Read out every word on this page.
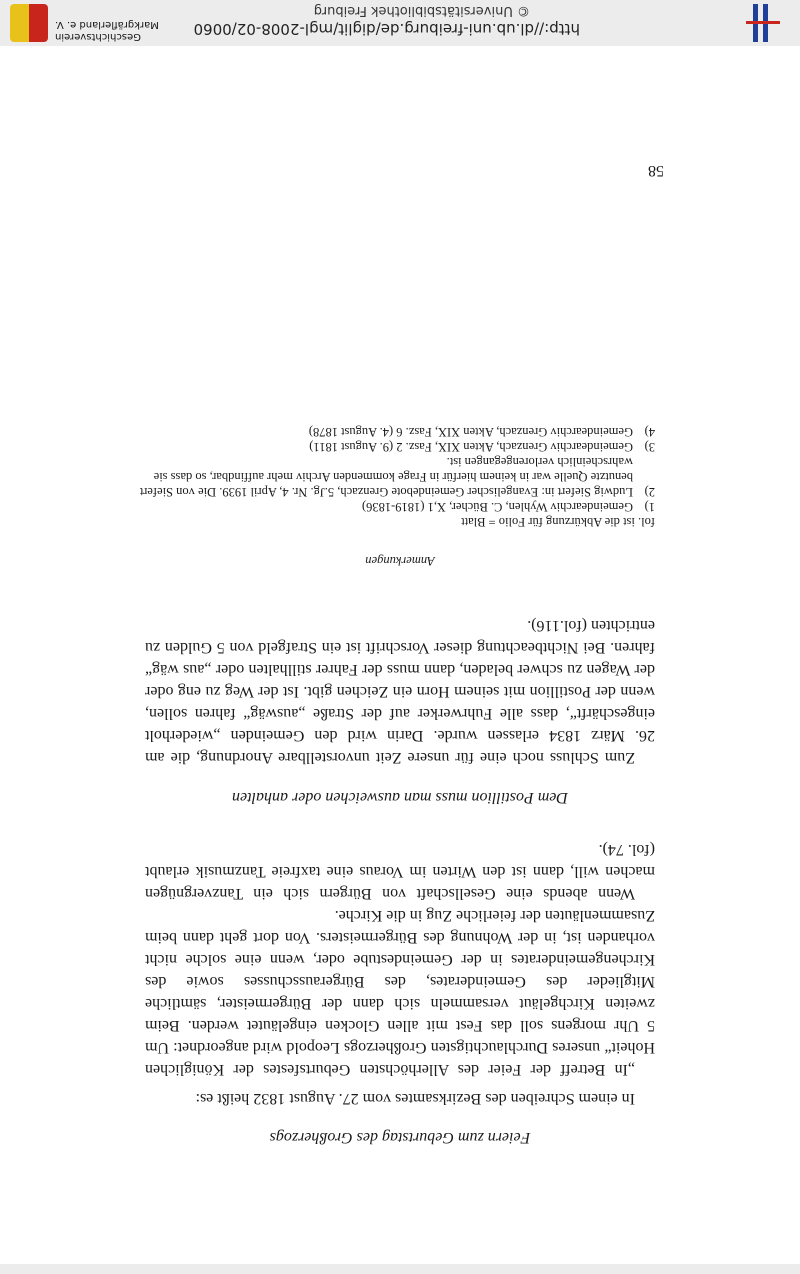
Feiern zum Geburtstag des Großherzogs

In einem Schreiben des Bezirksamtes vom 27. August 1832 heißt es:

„In Betreff der Feier des Allerhöchsten Geburtsfestes der Königlichen Hoheit“ unseres Durchlauchtigsten Großherzogs Leopold wird angeordnet: Um 5 Uhr morgens soll das Fest mit allen Glocken eingeläutet werden. Beim zweiten Kirchgeläut versammeln sich dann der Bürgermeister, sämtliche Mitglieder des Gemeinderates, des Bürgerausschusses sowie des Kirchengemeinderates in der Gemeindestube oder, wenn eine solche nicht vorhanden ist, in der Wohnung des Bürgermeisters. Von dort geht dann beim Zusammenläuten der feierliche Zug in die Kirche.

Wenn abends eine Gesellschaft von Bürgern sich ein Tanzvergnügen machen will, dann ist den Wirten im Voraus eine taxfreie Tanzmusik erlaubt (fol. 74).

Dem Postillion muss man ausweichen oder anhalten

Zum Schluss noch eine für unsere Zeit unvorstellbare Anordnung, die am 26. März 1834 erlassen wurde. Darin wird den Gemeinden „wiederholt eingeschärft“, dass alle Fuhrwerker auf der Straße „auswäg“ fahren sollen, wenn der Postillion mit seinem Horn ein Zeichen gibt. Ist der Weg zu eng oder der Wagen zu schwer beladen, dann muss der Fahrer stillhalten oder „aus wäg“ fahren. Bei Nichtbeachtung dieser Vorschrift ist ein Strafgeld von 5 Gulden zu entrichten (fol.116).

Anmerkungen

fol. ist die Abkürzung für Folio = Blatt

1)
Gemeindearchiv Wyhlen, C. Bücher, X,1 (1819-1836)

2)
Ludwig Siefert in: Evangelischer Gemeindebote Grenzach, 5.Jg. Nr. 4, April 1939. Die von Siefert benutzte Quelle war in keinem hierfür in Frage kommenden Archiv mehr auffindbar, so dass sie wahrscheinlich verlorengegangen ist.

3)
Gemeindearchiv Grenzach, Akten XIX, Fasz. 2 (9. August 1811)

4)
Gemeindearchiv Grenzach, Akten XIX, Fasz. 6 (4. August 1878)

58
http://dl.ub.uni-freiburg.de/diglit/mgl-2008-02/0060
© Universitätsbibliothek Freiburg
Geschichtsverein
Markgräflerland e. V.
